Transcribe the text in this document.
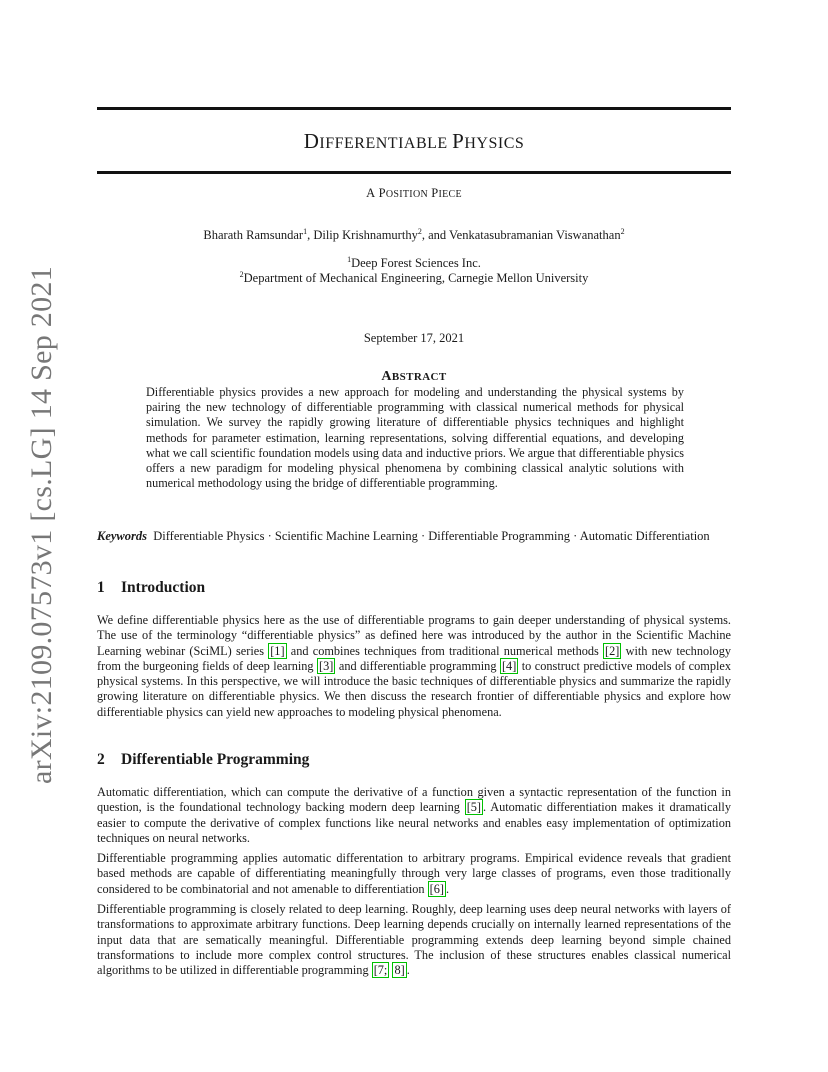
arXiv:2109.07573v1 [cs.LG] 14 Sep 2021
DIFFERENTIABLE PHYSICS
A POSITION PIECE
Bharath Ramsundar$^1$, Dilip Krishnamurthy$^2$, and Venkatasubramanian Viswanathan$^2$
$^1$Deep Forest Sciences Inc.
$^2$Department of Mechanical Engineering, Carnegie Mellon University
September 17, 2021
ABSTRACT
Differentiable physics provides a new approach for modeling and understanding the physical systems by pairing the new technology of differentiable programming with classical numerical methods for physical simulation. We survey the rapidly growing literature of differentiable physics techniques and highlight methods for parameter estimation, learning representations, solving differential equations, and developing what we call scientific foundation models using data and inductive priors. We argue that differentiable physics offers a new paradigm for modeling physical phenomena by combining classical analytic solutions with numerical methodology using the bridge of differentiable programming.
Keywords Differentiable Physics · Scientific Machine Learning · Differentiable Programming · Automatic Differentiation
1 Introduction
We define differentiable physics here as the use of differentiable programs to gain deeper understanding of physical systems. The use of the terminology “differentiable physics” as defined here was introduced by the author in the Scientific Machine Learning webinar (SciML) series [1] and combines techniques from traditional numerical methods [2] with new technology from the burgeoning fields of deep learning [3] and differentiable programming [4] to construct predictive models of complex physical systems. In this perspective, we will introduce the basic techniques of differentiable physics and summarize the rapidly growing literature on differentiable physics. We then discuss the research frontier of differentiable physics and explore how differentiable physics can yield new approaches to modeling physical phenomena.
2 Differentiable Programming
Automatic differentiation, which can compute the derivative of a function given a syntactic representation of the function in question, is the foundational technology backing modern deep learning [5] . Automatic differentiation makes it dramatically easier to compute the derivative of complex functions like neural networks and enables easy implementation of optimization techniques on neural networks.
Differentiable programming applies automatic differentation to arbitrary programs. Empirical evidence reveals that gradient based methods are capable of differentiating meaningfully through very large classes of programs, even those traditionally considered to be combinatorial and not amenable to differentiation [6] .
Differentiable programming is closely related to deep learning. Roughly, deep learning uses deep neural networks with layers of transformations to approximate arbitrary functions. Deep learning depends crucially on internally learned representations of the input data that are sematically meaningful. Differentiable programming extends deep learning beyond simple chained transformations to include more complex control structures. The inclusion of these structures enables classical numerical algorithms to be utilized in differentiable programming [7; 8] .
